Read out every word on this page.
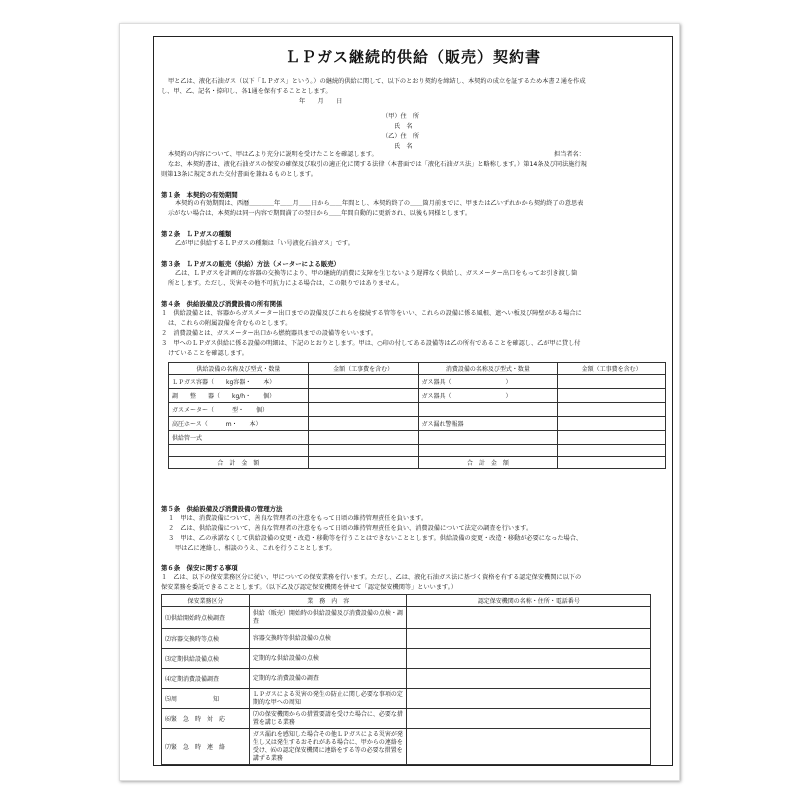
ＬＰガス継続的供給（販売）契約書
甲と乙は、液化石油ガス（以下「ＬＰガス」という。）の継続的供給に関して、以下のとおり契約を締結し、本契約の成立を証するため本書２通を作成
し、甲、乙、記名・捺印し、各1通を保有することとします。
年　　月　　日
（甲）住　所
氏　名
（乙）住　所
氏　名
本契約の内容について、甲は乙より充分に説明を受けたことを確認します。	担当者名：
なお、本契約書は、液化石油ガスの保安の確保及び取引の適正化に関する法律（本書面では「液化石油ガス法」と略称します。）第14条及び同法施行規
則第13条に規定された交付書面を兼ねるものとします。
第１条　本契約の有効期間
本契約の有効期間は、西暦＿＿＿＿年＿＿月＿＿日から＿＿年間とし、本契約終了の＿＿箇月前までに、甲または乙いずれかから契約終了の意思表
示がない場合は、本契約は同一内容で期間満了の翌日から＿＿年間自動的に更新され、以後も同様とします。
第２条　ＬＰガスの種類
乙が甲に供給するＬＰガスの種類は「い号液化石油ガス」です。
第３条　ＬＰガスの販売（供給）方法（メーターによる販売）
乙は、ＬＰガスを計画的な容器の交換等により、甲の継続的消費に支障を生じないよう遅滞なく供給し、ガスメーター出口をもってお引き渡し箇
所とします。ただし、災害その他不可抗力による場合は、この限りではありません。
第４条　供給設備及び消費設備の所有関係
１　供給設備とは、容器からガスメーター出口までの設備及びこれらを接続する管等をいい、これらの設備に係る風根、遮へい板及び障壁がある場合に
は、これらの附属設備を含むものとします。
２　消費設備とは、ガスメーター出口から燃焼器具までの設備等をいいます。
３　甲へのＬＰガス供給に係る設備の明細は、下記のとおりとします。甲は、○印の付してある設備等は乙の所有であることを確認し、乙が甲に貸し付
けていることを確認します。
供給設備の名称及び型式・数量	金額（工事費を含む）	消費設備の名称及び型式・数量	金額（工事費を含む）
ＬＰガス容器（　　kg容器・　　本）		ガス器具（　　　　　　　　　）	
調　　整　　器（　　kg/h・　　個）		ガス器具（　　　　　　　　　）	
ガスメーター（　　　型・　　個）			
高圧ホース（　　　m・　　本）		ガス漏れ警報器	
供給管一式			

合　計　金　額		合　計　金　額	
第５条　供給設備及び消費設備の管理方法
１　甲は、消費設備について、善良な管理者の注意をもって日頃の維持管理責任を負います。
２　乙は、供給設備について、善良な管理者の注意をもって日頃の維持管理責任を負い、消費設備について法定の調査を行います。
３　甲は、乙の承諾なくして供給設備の変更・改造・移動等を行うことはできないこととします。供給設備の変更・改造・移動が必要になった場合、
甲は乙に連絡し、相談のうえ、これを行うこととします。
第６条　保安に関する事項
１　乙は、以下の保安業務区分に従い、甲についての保安業務を行います。ただし、乙は、液化石油ガス法に基づく資格を有する認定保安機関に以下の
保安業務を委託できることとします。（以下乙及び認定保安機関を併せて「認定保安機関等」といいます。）
保安業務区分	業　務　内　容	認定保安機関の名称・住所・電話番号
⑴供給開始時点検調査	供給（販売）開始時の供給設備及び消費設備の点検・調査	
⑵容器交換時等点検	容器交換時等供給設備の点検	
⑶定期供給設備点検	定期的な供給設備の点検	
⑷定期消費設備調査	定期的な消費設備の調査	
⑸周　　　　　　知	ＬＰガスによる災害の発生の防止に関し必要な事項の定期的な甲への周知	
⑹緊　急　時　対　応	⑺の保安機関からの措置要請を受けた場合に、必要な措置を講じる業務	
⑺緊　急　時　連　絡	ガス漏れを感知した場合その他ＬＰガスによる災害が発生し又は発生するおそれがある場合に、甲からの連絡を受け、⑹の認定保安機関に連絡をする等の必要な措置を講ずる業務	
